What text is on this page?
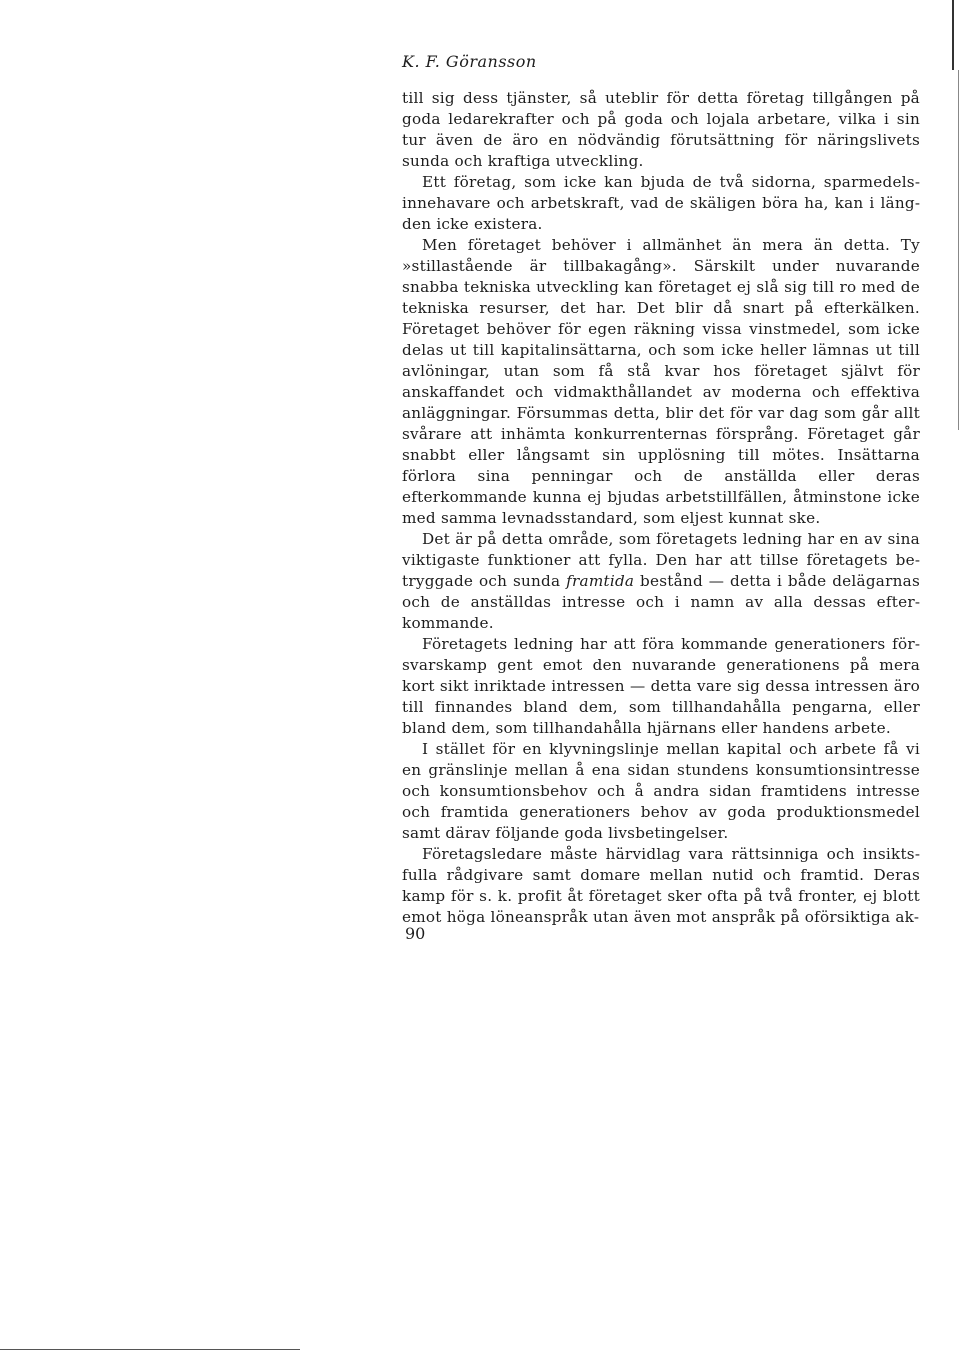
K. F. Göransson

till sig dess tjänster, så uteblir för detta företag tillgången på goda ledarekrafter och på goda och lojala arbetare, vilka i sin tur även de äro en nödvändig förutsättning för näringslivets sunda och kraftiga utveckling.

Ett företag, som icke kan bjuda de två sidorna, sparmedelsinnehavare och arbetskraft, vad de skäligen böra ha, kan i längden icke existera.

Men företaget behöver i allmänhet än mera än detta. Ty »stillastående är tillbakagång». Särskilt under nuvarande snabba tekniska utveckling kan företaget ej slå sig till ro med de tekniska resurser, det har. Det blir då snart på efterkälken. Företaget behöver för egen räkning vissa vinstmedel, som icke delas ut till kapitalinsättarna, och som icke heller lämnas ut till avlöningar, utan som få stå kvar hos företaget självt för anskaffandet och vidmakthållandet av moderna och effektiva anläggningar. Försummas detta, blir det för var dag som går allt svårare att inhämta konkurrenternas försprång. Företaget går snabbt eller långsamt sin upplösning till mötes. Insättarna förlora sina penningar och de anställda eller deras efterkommande kunna ej bjudas arbetstillfällen, åtminstone icke med samma levnadsstandard, som eljest kunnat ske.

Det är på detta område, som företagets ledning har en av sina viktigaste funktioner att fylla. Den har att tillse företagets betryggade och sunda framtida bestånd — detta i både delägarnas och de anställdas intresse och i namn av alla dessas efterkommande.

Företagets ledning har att föra kommande generationers försvarskamp gent emot den nuvarande generationens på mera kort sikt inriktade intressen — detta vare sig dessa intressen äro till finnandes bland dem, som tillhandahålla pengarna, eller bland dem, som tillhandahålla hjärnans eller handens arbete.

I stället för en klyvningslinje mellan kapital och arbete få vi en gränslinje mellan å ena sidan stundens konsumtionsintresse och konsumtionsbehov och å andra sidan framtidens intresse och framtida generationers behov av goda produktionsmedel samt därav följande goda livsbetingelser.

Företagsledare måste härvidlag vara rättsinniga och insiktsfulla rådgivare samt domare mellan nutid och framtid. Deras kamp för s. k. profit åt företaget sker ofta på två fronter, ej blott emot höga löneanspråk utan även mot anspråk på oförsiktiga ak-

90
